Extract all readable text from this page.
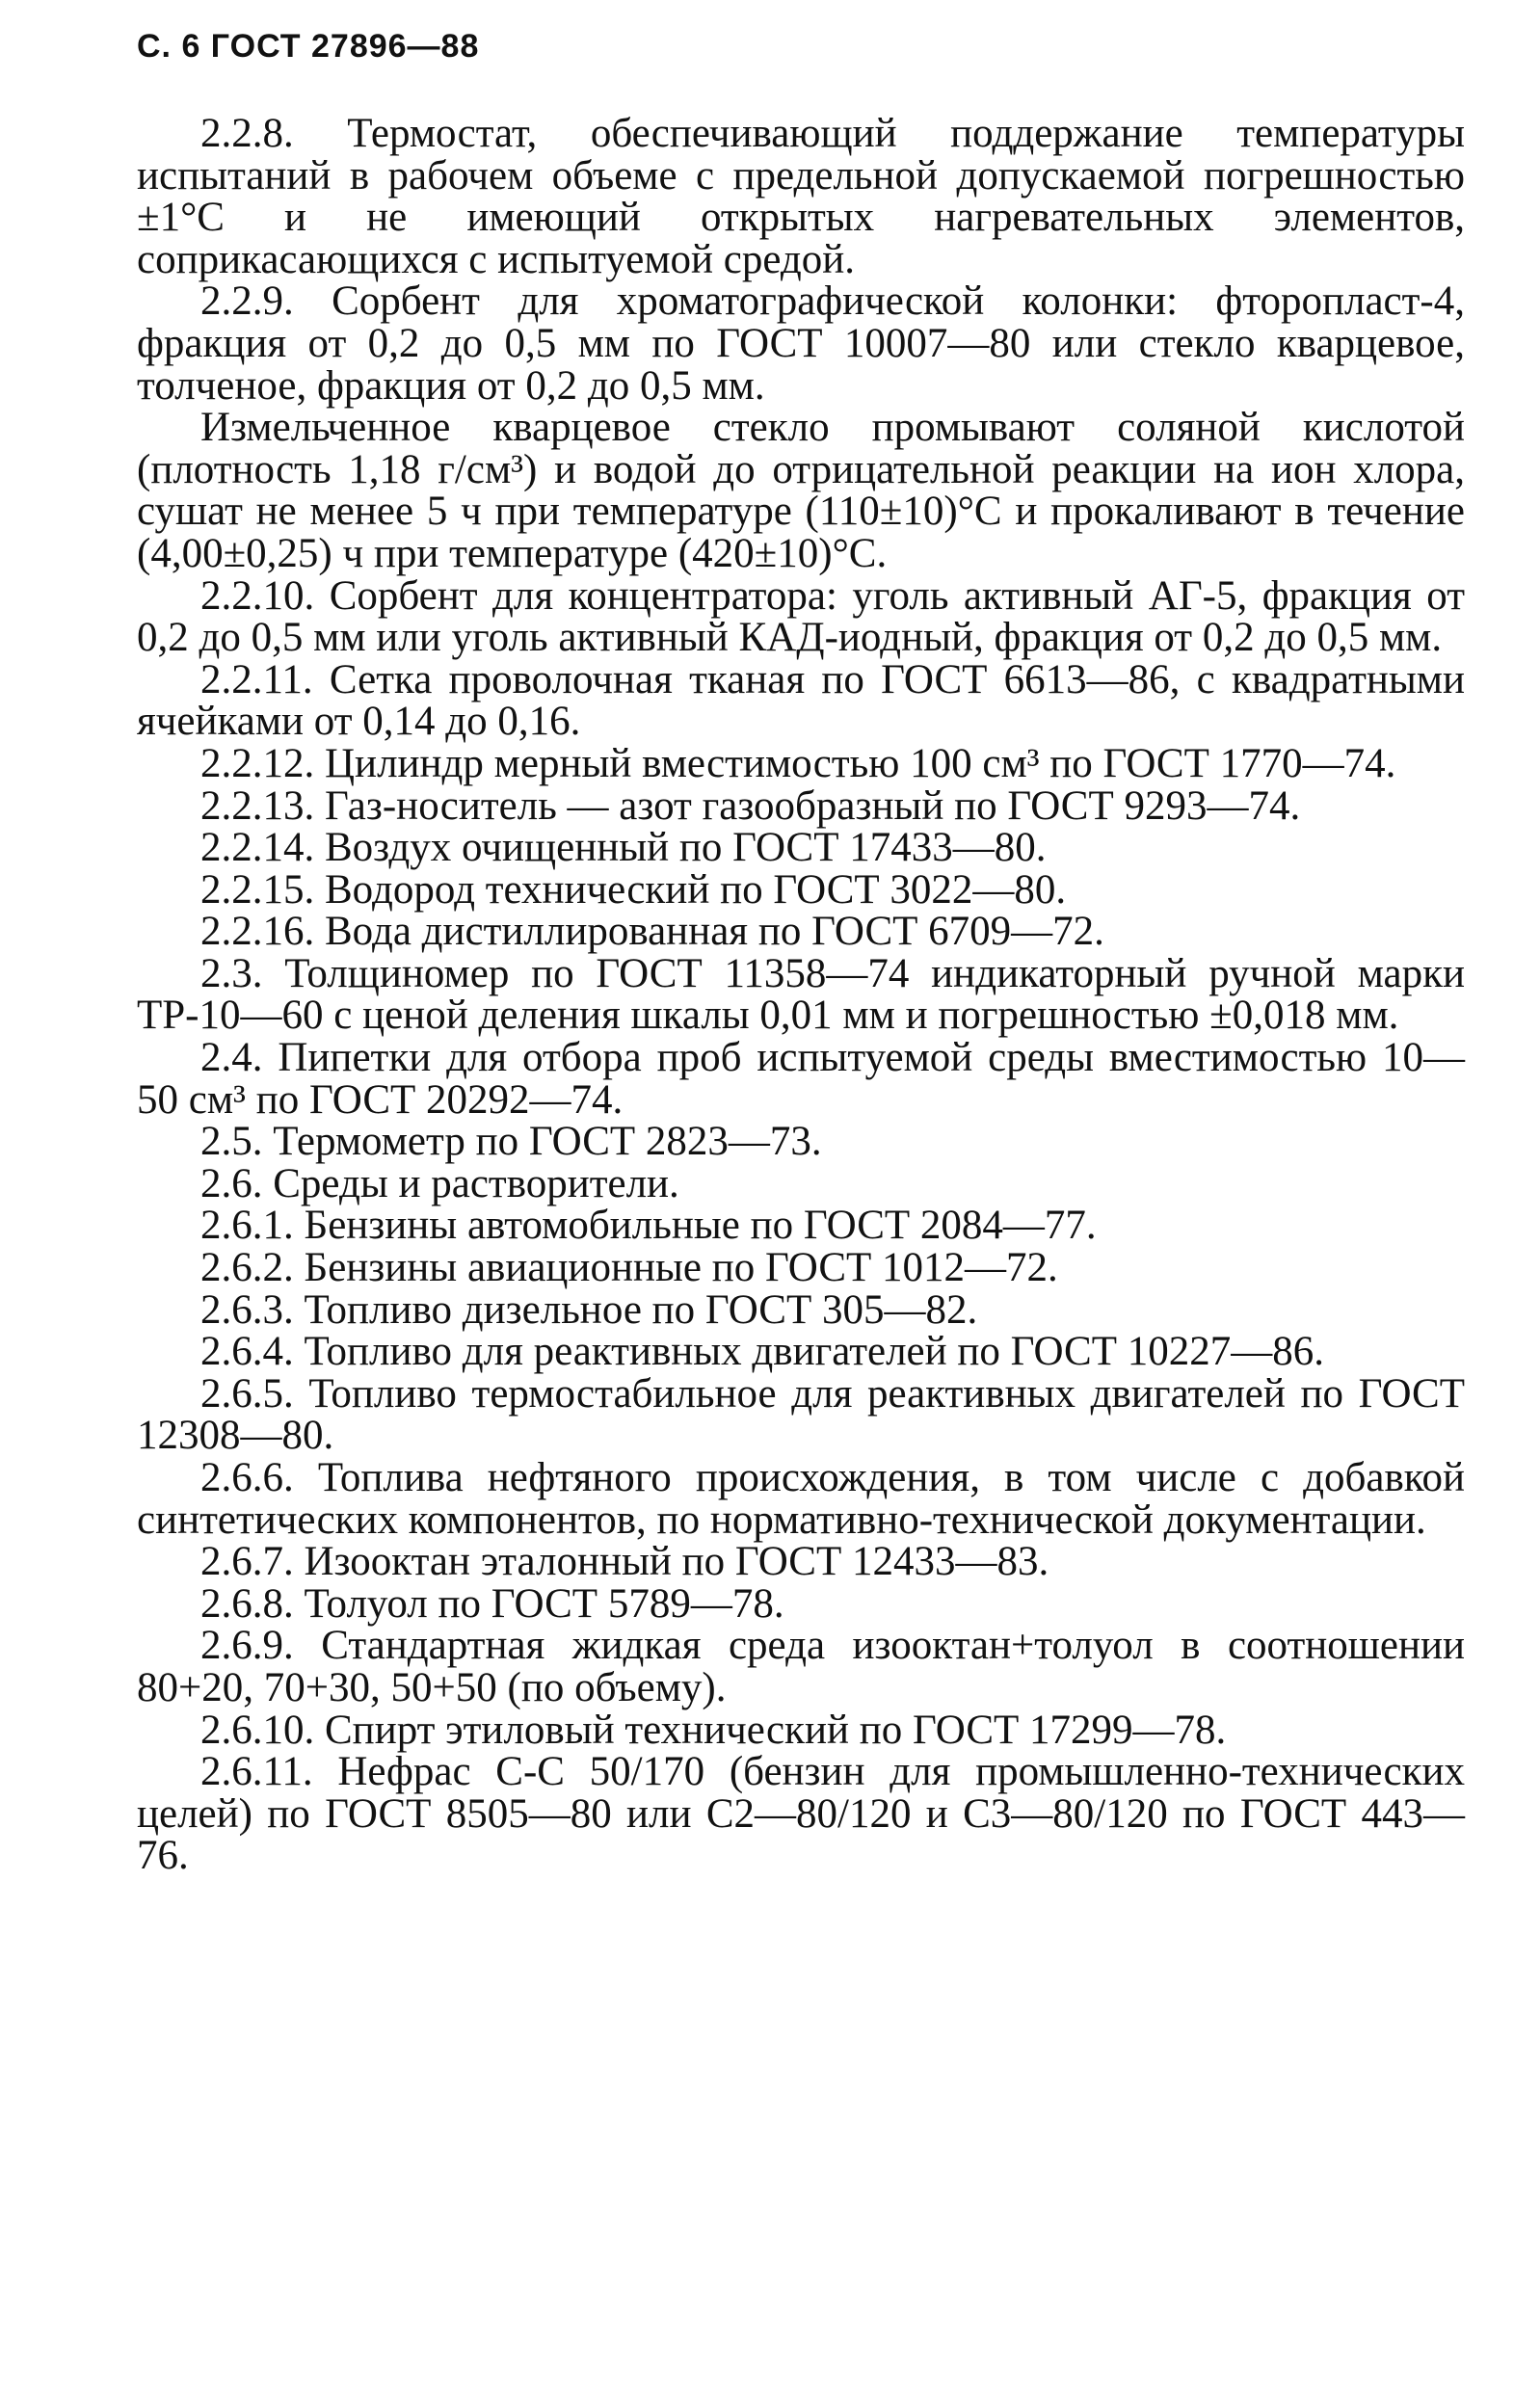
С. 6 ГОСТ 27896—88

2.2.8. Термостат, обеспечивающий поддержание температуры испытаний в рабочем объеме с предельной допускаемой погрешностью ±1°С и не имеющий открытых нагревательных элементов, соприкасающихся с испытуемой средой.

2.2.9. Сорбент для хроматографической колонки: фторопласт-4, фракция от 0,2 до 0,5 мм по ГОСТ 10007—80 или стекло кварцевое, толченое, фракция от 0,2 до 0,5 мм.

Измельченное кварцевое стекло промывают соляной кислотой (плотность 1,18 г/см³) и водой до отрицательной реакции на ион хлора, сушат не менее 5 ч при температуре (110±10)°С и прокаливают в течение (4,00±0,25) ч при температуре (420±10)°С.

2.2.10. Сорбент для концентратора: уголь активный АГ-5, фракция от 0,2 до 0,5 мм или уголь активный КАД-иодный, фракция от 0,2 до 0,5 мм.

2.2.11. Сетка проволочная тканая по ГОСТ 6613—86, с квадратными ячейками от 0,14 до 0,16.

2.2.12. Цилиндр мерный вместимостью 100 см³ по ГОСТ 1770—74.

2.2.13. Газ-носитель — азот газообразный по ГОСТ 9293—74.

2.2.14. Воздух очищенный по ГОСТ 17433—80.

2.2.15. Водород технический по ГОСТ 3022—80.

2.2.16. Вода дистиллированная по ГОСТ 6709—72.

2.3. Толщиномер по ГОСТ 11358—74 индикаторный ручной марки ТР-10—60 с ценой деления шкалы 0,01 мм и погрешностью ±0,018 мм.

2.4. Пипетки для отбора проб испытуемой среды вместимостью 10—50 см³ по ГОСТ 20292—74.

2.5. Термометр по ГОСТ 2823—73.

2.6. Среды и растворители.

2.6.1. Бензины автомобильные по ГОСТ 2084—77.

2.6.2. Бензины авиационные по ГОСТ 1012—72.

2.6.3. Топливо дизельное по ГОСТ 305—82.

2.6.4. Топливо для реактивных двигателей по ГОСТ 10227—86.

2.6.5. Топливо термостабильное для реактивных двигателей по ГОСТ 12308—80.

2.6.6. Топлива нефтяного происхождения, в том числе с добавкой синтетических компонентов, по нормативно-технической документации.

2.6.7. Изооктан эталонный по ГОСТ 12433—83.

2.6.8. Толуол по ГОСТ 5789—78.

2.6.9. Стандартная жидкая среда изооктан+толуол в соотношении 80+20, 70+30, 50+50 (по объему).

2.6.10. Спирт этиловый технический по ГОСТ 17299—78.

2.6.11. Нефрас С-С 50/170 (бензин для промышленно-технических целей) по ГОСТ 8505—80 или С2—80/120 и С3—80/120 по ГОСТ 443—76.
